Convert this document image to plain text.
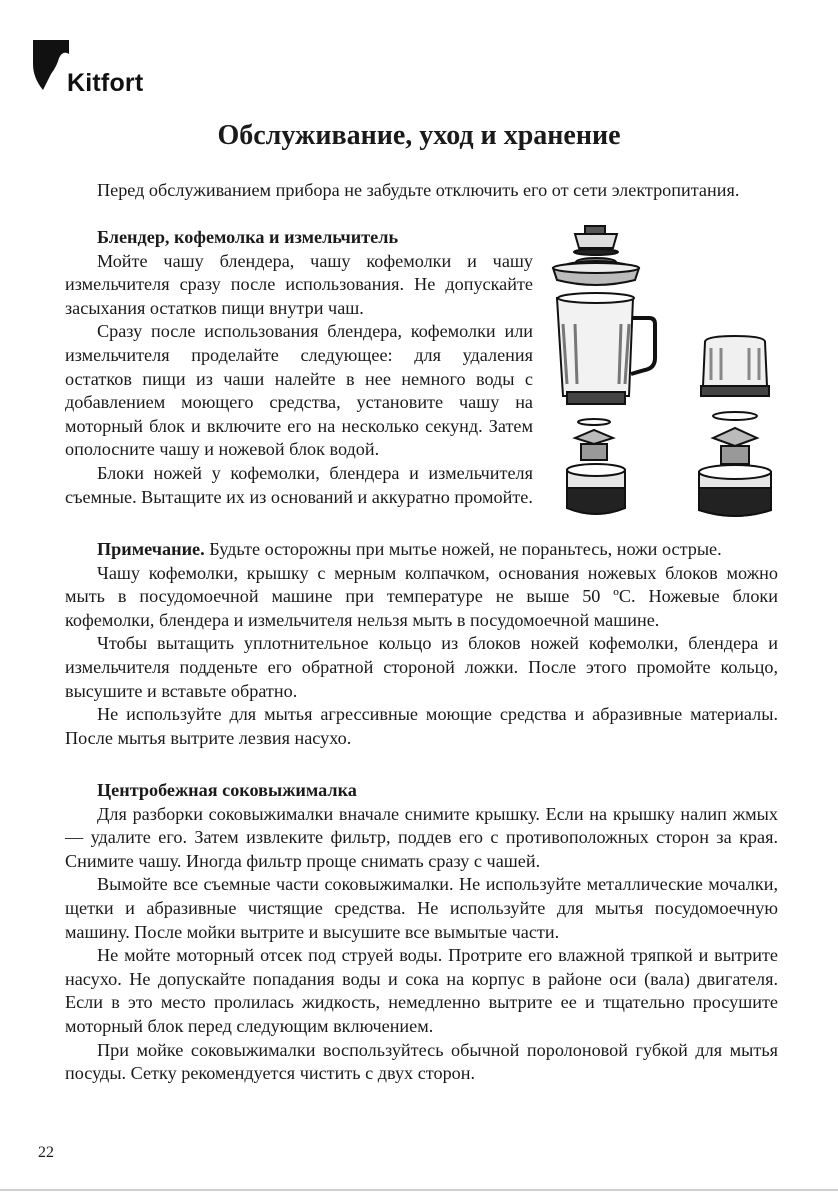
Kitfort
Обслуживание, уход и хранение

Перед обслуживанием прибора не забудьте отключить его от сети электропитания.

Блендер, кофемолка и измельчитель

Мойте чашу блендера, чашу кофемолки и чашу измельчителя сразу после использования. Не допускайте засыхания остатков пищи внутри чаш.

Сразу после использования блендера, кофемолки или измельчителя проделайте следующее: для удаления остатков пищи из чаши налейте в нее немного воды с добавлением моющего средства, установите чашу на моторный блок и включите его на несколько секунд. Затем ополосните чашу и ножевой блок водой.

Блоки ножей у кофемолки, блендера и измельчителя съемные. Вытащите их из оснований и аккуратно промойте.

Примечание. Будьте осторожны при мытье ножей, не пораньтесь, ножи острые.

Чашу кофемолки, крышку с мерным колпачком, основания ножевых блоков можно мыть в посудомоечной машине при температуре не выше 50 ºС. Ножевые блоки кофемолки, блендера и измельчителя нельзя мыть в посудомоечной машине.

Чтобы вытащить уплотнительное кольцо из блоков ножей кофемолки, блендера и измельчителя подденьте его обратной стороной ложки. После этого промойте кольцо, высушите и вставьте обратно.

Не используйте для мытья агрессивные моющие средства и абразивные материалы. После мытья вытрите лезвия насухо.

Центробежная соковыжималка

Для разборки соковыжималки вначале снимите крышку. Если на крышку налип жмых — удалите его. Затем извлеките фильтр, поддев его с противоположных сторон за края. Снимите чашу. Иногда фильтр проще снимать сразу с чашей.

Вымойте все съемные части соковыжималки. Не используйте металлические мочалки, щетки и абразивные чистящие средства. Не используйте для мытья посудомоечную машину. После мойки вытрите и высушите все вымытые части.

Не мойте моторный отсек под струей воды. Протрите его влажной тряпкой и вытрите насухо. Не допускайте попадания воды и сока на корпус в районе оси (вала) двигателя. Если в это место пролилась жидкость, немедленно вытрите ее и тщательно просушите моторный блок перед следующим включением.

При мойке соковыжималки воспользуйтесь обычной поролоновой губкой для мытья посуды. Сетку рекомендуется чистить с двух сторон.

22
